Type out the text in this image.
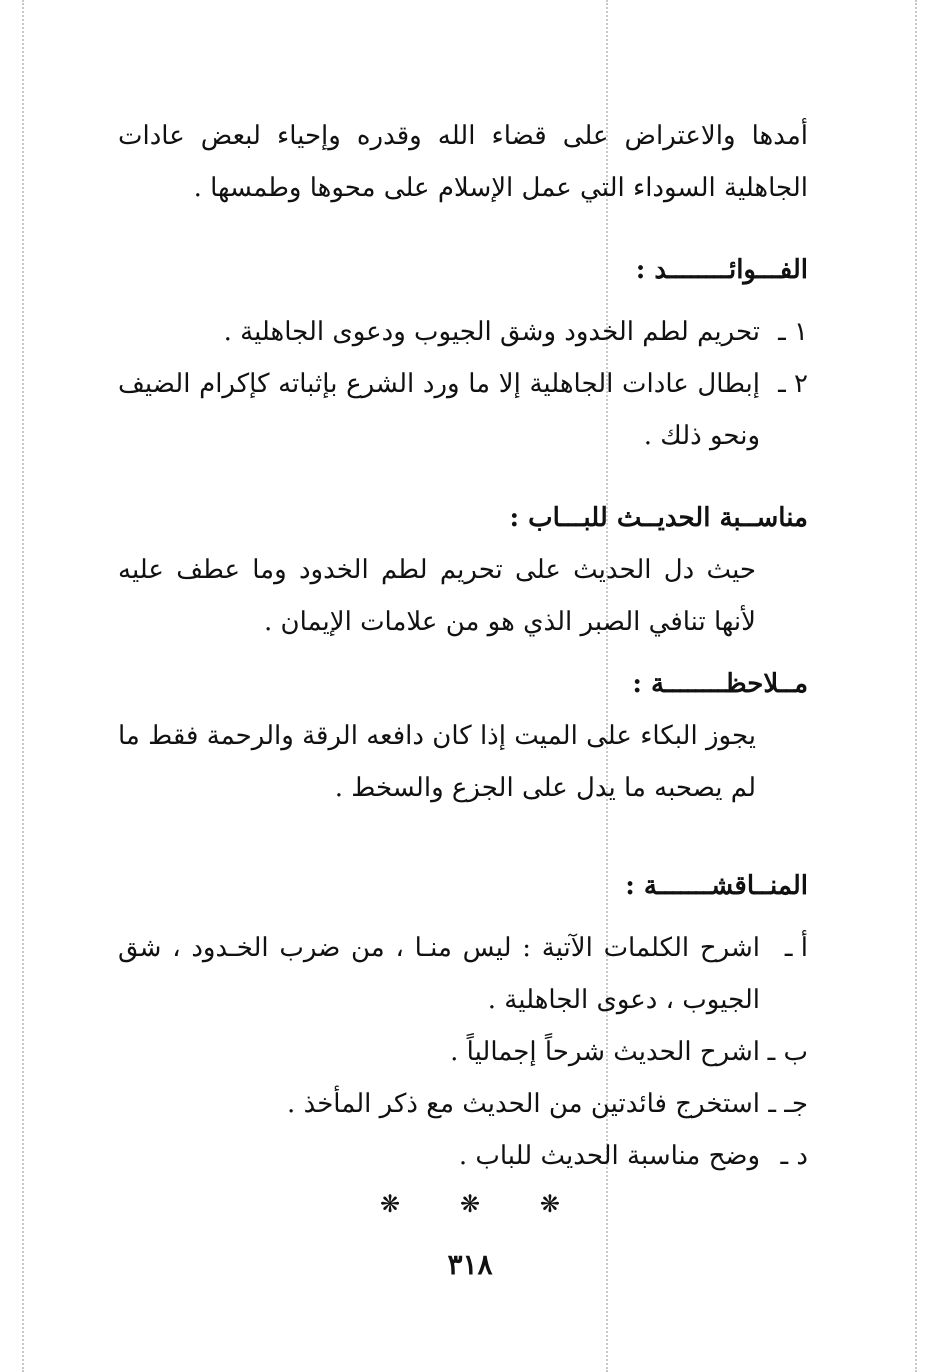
أمدها والاعتراض على قضاء الله وقدره وإحياء لبعض عادات الجاهلية السوداء التي عمل الإسلام على محوها وطمسها .

الفـــوائــــــــد :

١ ـ
تحريم لطم الخدود وشق الجيوب ودعوى الجاهلية .
٢ ـ
إبطال عادات الجاهلية إلا ما ورد الشرع بإثباته كإكرام الضيف ونحو ذلك .

مناســبة الحديــث للبـــاب :

حيث دل الحديث على تحريم لطم الخدود وما عطف عليه لأنها تنافي الصبر الذي هو من علامات الإيمان .

مــلاحظــــــــة :

يجوز البكاء على الميت إذا كان دافعه الرقة والرحمة فقط ما لم يصحبه ما يدل على الجزع والسخط .

المنــاقشـــــــة :

أ ـ
اشرح الكلمات الآتية : ليس منـا ، من ضرب الخـدود ، شق الجيوب ، دعوى الجاهلية .
ب ـ
اشرح الحديث شرحاً إجمالياً .
جـ ـ
استخرج فائدتين من الحديث مع ذكر المأخذ .
د ـ
وضح مناسبة الحديث للباب .
❋ ❋ ❋
٣١٨
